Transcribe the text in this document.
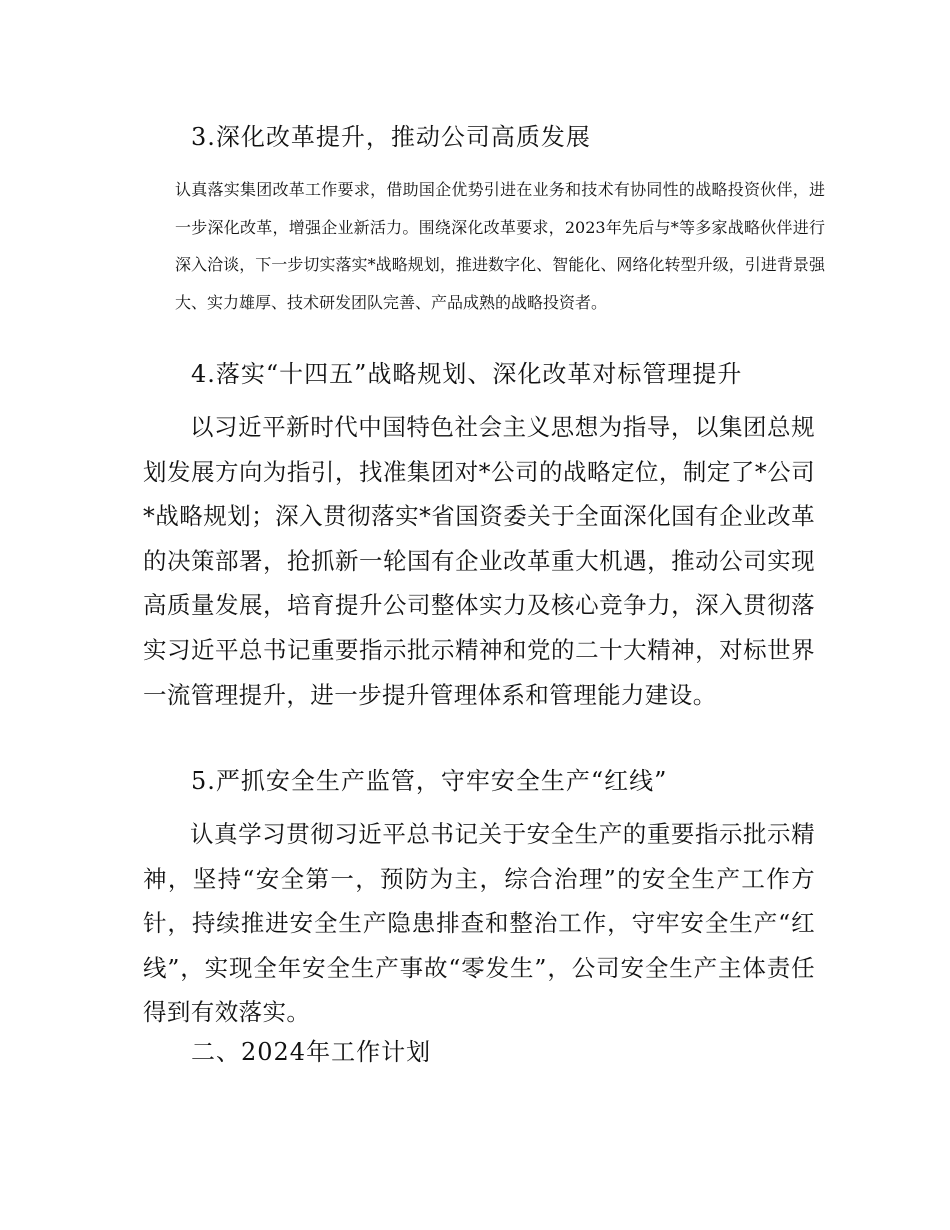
3.深化改革提升，推动公司高质发展

认真落实集团改革工作要求，借助国企优势引进在业务和技术有协同性的战略投资伙伴，进一步深化改革，增强企业新活力。围绕深化改革要求，2023年先后与*等多家战略伙伴进行深入洽谈，下一步切实落实*战略规划，推进数字化、智能化、网络化转型升级，引进背景强大、实力雄厚、技术研发团队完善、产品成熟的战略投资者。

4.落实“十四五”战略规划、深化改革对标管理提升

以习近平新时代中国特色社会主义思想为指导，以集团总规划发展方向为指引，找准集团对*公司的战略定位，制定了*公司*战略规划；深入贯彻落实*省国资委关于全面深化国有企业改革的决策部署，抢抓新一轮国有企业改革重大机遇，推动公司实现高质量发展，培育提升公司整体实力及核心竞争力，深入贯彻落实习近平总书记重要指示批示精神和党的二十大精神，对标世界一流管理提升，进一步提升管理体系和管理能力建设。

5.严抓安全生产监管，守牢安全生产“红线”

认真学习贯彻习近平总书记关于安全生产的重要指示批示精神，坚持“安全第一，预防为主，综合治理”的安全生产工作方针，持续推进安全生产隐患排查和整治工作，守牢安全生产“红线”，实现全年安全生产事故“零发生”，公司安全生产主体责任得到有效落实。

二、2024年工作计划
